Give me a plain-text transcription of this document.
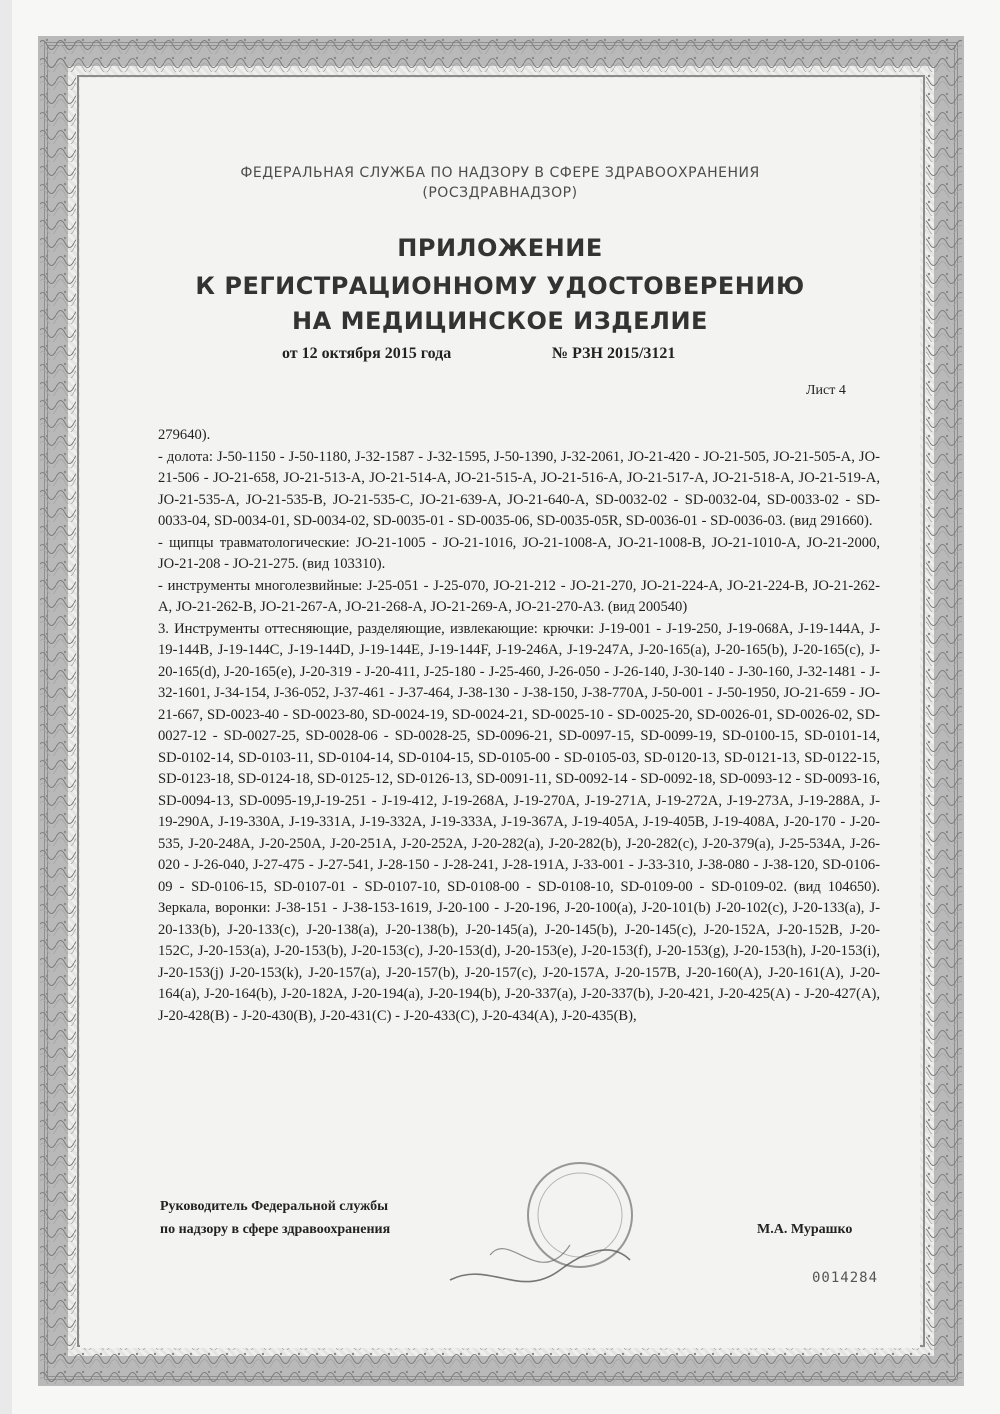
ФЕДЕРАЛЬНАЯ СЛУЖБА ПО НАДЗОРУ В СФЕРЕ ЗДРАВООХРАНЕНИЯ
(РОСЗДРАВНАДЗОР)
ПРИЛОЖЕНИЕ
К РЕГИСТРАЦИОННОМУ УДОСТОВЕРЕНИЮ
НА МЕДИЦИНСКОЕ ИЗДЕЛИЕ
от 12 октября 2015 года	№ РЗН 2015/3121
Лист 4

279640).

- долота: J-50-1150 - J-50-1180, J-32-1587 - J-32-1595, J-50-1390, J-32-2061, JO-21-420 - JO-21-505, JO-21-505-A, JO-21-506 - JO-21-658, JO-21-513-A, JO-21-514-A, JO-21-515-A, JO-21-516-A, JO-21-517-A, JO-21-518-A, JO-21-519-A, JO-21-535-A, JO-21-535-B, JO-21-535-C, JO-21-639-A, JO-21-640-A, SD-0032-02 - SD-0032-04, SD-0033-02 - SD-0033-04, SD-0034-01, SD-0034-02, SD-0035-01 - SD-0035-06, SD-0035-05R, SD-0036-01 - SD-0036-03. (вид 291660).

- щипцы травматологические: JO-21-1005 - JO-21-1016, JO-21-1008-A, JO-21-1008-B, JO-21-1010-A, JO-21-2000, JO-21-208 - JO-21-275. (вид 103310).

- инструменты многолезвийные: J-25-051 - J-25-070, JO-21-212 - JO-21-270, JO-21-224-A, JO-21-224-B, JO-21-262-A, JO-21-262-B, JO-21-267-A, JO-21-268-A, JO-21-269-A, JO-21-270-A3. (вид 200540)

3. Инструменты оттесняющие, разделяющие, извлекающие: крючки: J-19-001 - J-19-250, J-19-068A, J-19-144A, J-19-144B, J-19-144C, J-19-144D, J-19-144E, J-19-144F, J-19-246A, J-19-247A, J-20-165(a), J-20-165(b), J-20-165(c), J-20-165(d), J-20-165(e), J-20-319 - J-20-411, J-25-180 - J-25-460, J-26-050 - J-26-140, J-30-140 - J-30-160, J-32-1481 - J-32-1601, J-34-154, J-36-052, J-37-461 - J-37-464, J-38-130 - J-38-150, J-38-770A, J-50-001 - J-50-1950, JO-21-659 - JO-21-667, SD-0023-40 - SD-0023-80, SD-0024-19, SD-0024-21, SD-0025-10 - SD-0025-20, SD-0026-01, SD-0026-02, SD-0027-12 - SD-0027-25, SD-0028-06 - SD-0028-25, SD-0096-21, SD-0097-15, SD-0099-19, SD-0100-15, SD-0101-14, SD-0102-14, SD-0103-11, SD-0104-14, SD-0104-15, SD-0105-00 - SD-0105-03, SD-0120-13, SD-0121-13, SD-0122-15, SD-0123-18, SD-0124-18, SD-0125-12, SD-0126-13, SD-0091-11, SD-0092-14 - SD-0092-18, SD-0093-12 - SD-0093-16, SD-0094-13, SD-0095-19,J-19-251 - J-19-412, J-19-268A, J-19-270A, J-19-271A, J-19-272A, J-19-273A, J-19-288A, J-19-290A, J-19-330A, J-19-331A, J-19-332A, J-19-333A, J-19-367A, J-19-405A, J-19-405B, J-19-408A, J-20-170 - J-20-535, J-20-248A, J-20-250A, J-20-251A, J-20-252A, J-20-282(a), J-20-282(b), J-20-282(c), J-20-379(a), J-25-534A, J-26-020 - J-26-040, J-27-475 - J-27-541, J-28-150 - J-28-241, J-28-191A, J-33-001 - J-33-310, J-38-080 - J-38-120, SD-0106-09 - SD-0106-15, SD-0107-01 - SD-0107-10, SD-0108-00 - SD-0108-10, SD-0109-00 - SD-0109-02. (вид 104650). Зеркала, воронки: J-38-151 - J-38-153-1619, J-20-100 - J-20-196, J-20-100(a), J-20-101(b) J-20-102(c), J-20-133(a), J-20-133(b), J-20-133(c), J-20-138(a), J-20-138(b), J-20-145(a), J-20-145(b), J-20-145(c), J-20-152A, J-20-152B, J-20-152C, J-20-153(a), J-20-153(b), J-20-153(c), J-20-153(d), J-20-153(e), J-20-153(f), J-20-153(g), J-20-153(h), J-20-153(i), J-20-153(j) J-20-153(k), J-20-157(a), J-20-157(b), J-20-157(c), J-20-157A, J-20-157B, J-20-160(A), J-20-161(A), J-20-164(a), J-20-164(b), J-20-182A, J-20-194(a), J-20-194(b), J-20-337(a), J-20-337(b), J-20-421, J-20-425(A) - J-20-427(A), J-20-428(B) - J-20-430(B), J-20-431(C) - J-20-433(C), J-20-434(A), J-20-435(B),

Руководитель Федеральной службы
по надзору в сфере здравоохранения	М.А. Мурашко
0014284
